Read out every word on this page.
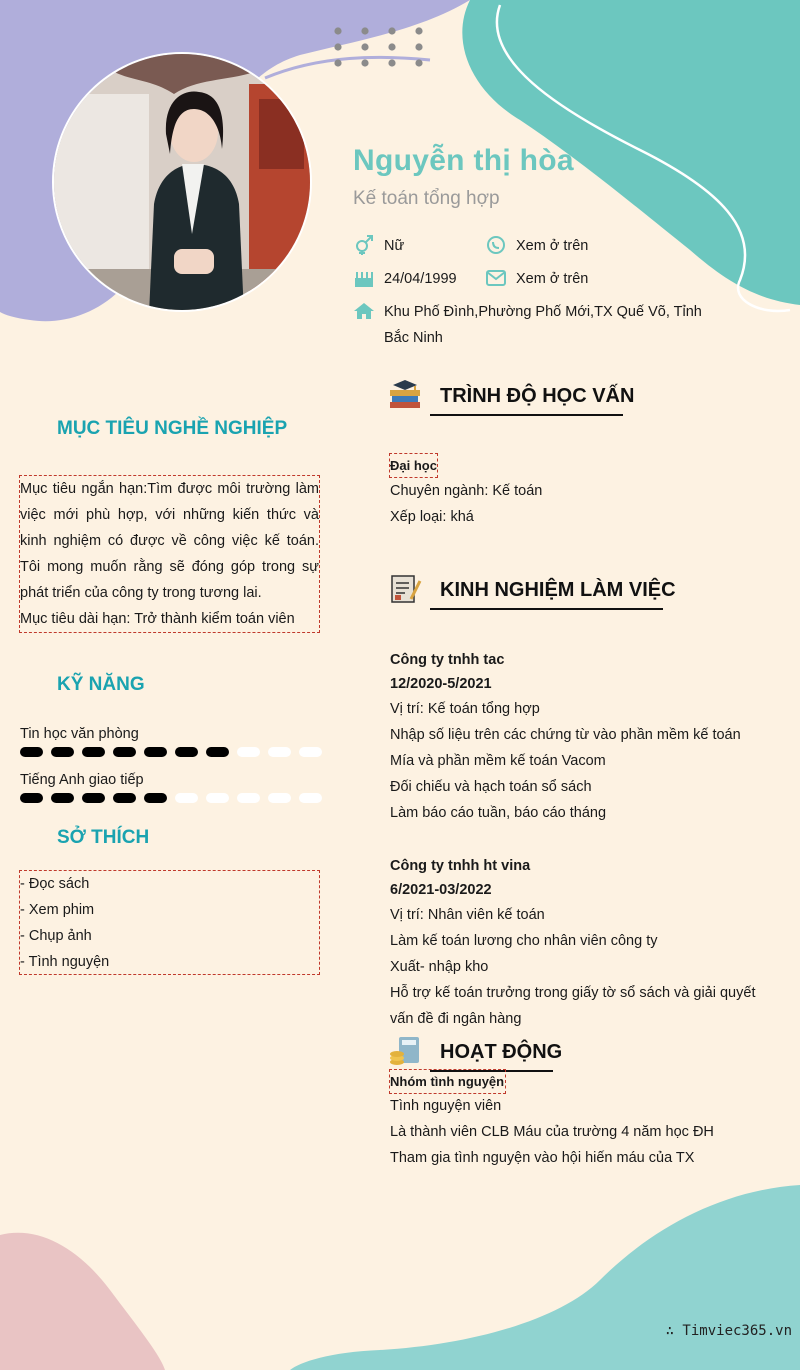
Nguyễn thị hòa
Kế toán tổng hợp
Nữ	Xem ở trên
24/04/1999	Xem ở trên
Khu Phố Đình,Phường Phố Mới,TX Quế Võ, Tỉnh
Bắc Ninh
MỤC TIÊU NGHỀ NGHIỆP
Mục tiêu ngắn hạn:Tìm được môi trường làm việc mới phù hợp, với những kiến thức và kinh nghiệm có được về công việc kế toán. Tôi mong muốn rằng sẽ đóng góp trong sự phát triển của công ty trong tương lai.
Mục tiêu dài hạn: Trở thành kiểm toán viên
KỸ NĂNG
Tin học văn phòng
Tiếng Anh giao tiếp
SỞ THÍCH
- Đọc sách
- Xem phim
- Chụp ảnh
- Tình nguyện
TRÌNH ĐỘ HỌC VẤN
Đại học
Chuyên ngành: Kế toán
Xếp loại: khá
KINH NGHIỆM LÀM VIỆC
Công ty tnhh tac
12/2020-5/2021
Vị trí: Kế toán tổng hợp
Nhập số liệu trên các chứng từ vào phần mềm kế toán
Mía và phần mềm kế toán Vacom
Đối chiếu và hạch toán sổ sách
Làm báo cáo tuần, báo cáo tháng
Công ty tnhh ht vina
6/2021-03/2022
Vị trí: Nhân viên kế toán
Làm kế toán lương cho nhân viên công ty
Xuất- nhập kho
Hỗ trợ kế toán trưởng trong giấy tờ sổ sách và giải quyết
vấn đề đi ngân hàng
HOẠT ĐỘNG
Nhóm tình nguyện
Tình nguyện viên
Là thành viên CLB Máu của trường 4 năm học ĐH
Tham gia tình nguyện vào hội hiến máu của TX
∴ Timviec365.vn
